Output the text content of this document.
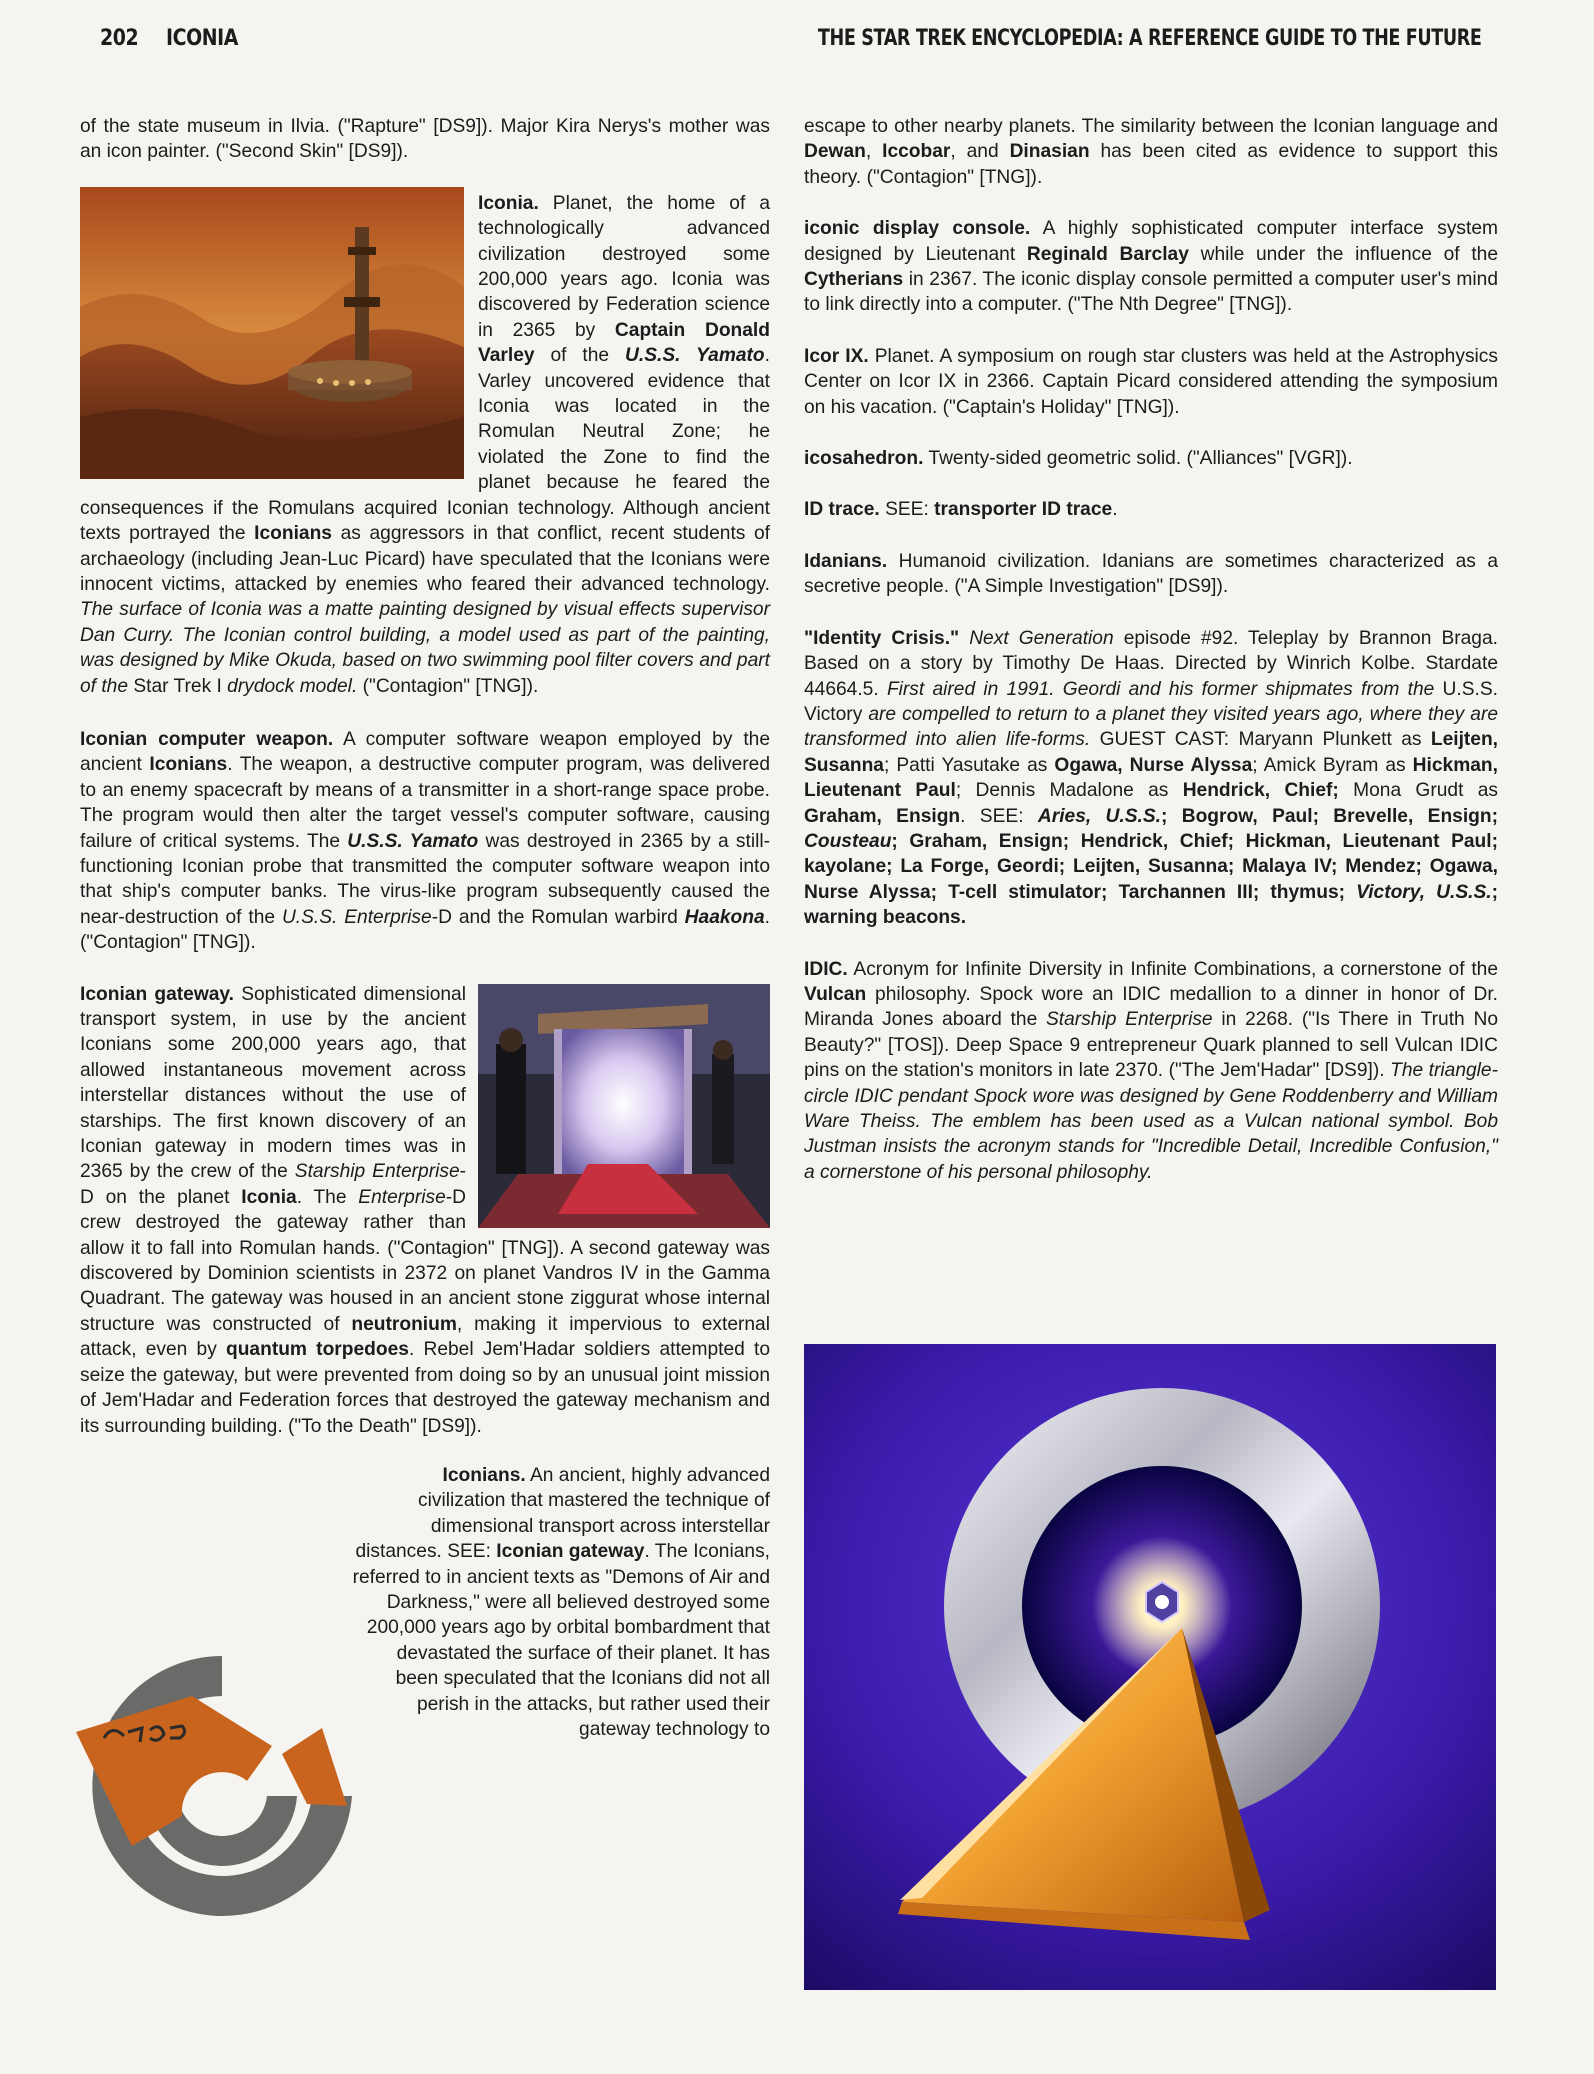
202 ICONIA	THE STAR TREK ENCYCLOPEDIA: A REFERENCE GUIDE TO THE FUTURE

of the state museum in Ilvia. ("Rapture" [DS9]). Major Kira Nerys's mother was an icon painter. ("Second Skin" [DS9]).

Iconia. Planet, the home of a technologically advanced civilization destroyed some 200,000 years ago. Iconia was discovered by Federation science in 2365 by Captain Donald Varley of the U.S.S. Yamato. Varley uncovered evidence that Iconia was located in the Romulan Neutral Zone; he violated the Zone to find the planet because he feared the consequences if the Romulans acquired Iconian technology. Although ancient texts portrayed the Iconians as aggressors in that conflict, recent students of archaeology (including Jean-Luc Picard) have speculated that the Iconians were innocent victims, attacked by enemies who feared their advanced technology. The surface of Iconia was a matte painting designed by visual effects supervisor Dan Curry. The Iconian control building, a model used as part of the painting, was designed by Mike Okuda, based on two swimming pool filter covers and part of the Star Trek I drydock model. ("Contagion" [TNG]).

Iconian computer weapon. A computer software weapon employed by the ancient Iconians. The weapon, a destructive computer program, was delivered to an enemy spacecraft by means of a transmitter in a short-range space probe. The program would then alter the target vessel's computer software, causing failure of critical systems. The U.S.S. Yamato was destroyed in 2365 by a still-functioning Iconian probe that transmitted the computer software weapon into that ship's computer banks. The virus-like program subsequently caused the near-destruction of the U.S.S. Enterprise-D and the Romulan warbird Haakona. ("Contagion" [TNG]).

Iconian gateway. Sophisticated dimensional transport system, in use by the ancient Iconians some 200,000 years ago, that allowed instantaneous movement across interstellar distances without the use of starships. The first known discovery of an Iconian gateway in modern times was in 2365 by the crew of the Starship Enterprise-D on the planet Iconia. The Enterprise-D crew destroyed the gateway rather than allow it to fall into Romulan hands. ("Contagion" [TNG]). A second gateway was discovered by Dominion scientists in 2372 on planet Vandros IV in the Gamma Quadrant. The gateway was housed in an ancient stone ziggurat whose internal structure was constructed of neutronium, making it impervious to external attack, even by quantum torpedoes. Rebel Jem'Hadar soldiers attempted to seize the gateway, but were prevented from doing so by an unusual joint mission of Jem'Hadar and Federation forces that destroyed the gateway mechanism and its surrounding building. ("To the Death" [DS9]).

Iconians. An ancient, highly advanced civilization that mastered the technique of dimensional transport across interstellar distances. SEE: Iconian gateway. The Iconians, referred to in ancient texts as "Demons of Air and Darkness," were all believed destroyed some 200,000 years ago by orbital bombardment that devastated the surface of their planet. It has been speculated that the Iconians did not all perish in the attacks, but rather used their gateway technology to

escape to other nearby planets. The similarity between the Iconian language and Dewan, Iccobar, and Dinasian has been cited as evidence to support this theory. ("Contagion" [TNG]).

iconic display console. A highly sophisticated computer interface system designed by Lieutenant Reginald Barclay while under the influence of the Cytherians in 2367. The iconic display console permitted a computer user's mind to link directly into a computer. ("The Nth Degree" [TNG]).

Icor IX. Planet. A symposium on rough star clusters was held at the Astrophysics Center on Icor IX in 2366. Captain Picard considered attending the symposium on his vacation. ("Captain's Holiday" [TNG]).

icosahedron. Twenty-sided geometric solid. ("Alliances" [VGR]).

ID trace. SEE: transporter ID trace.

Idanians. Humanoid civilization. Idanians are sometimes characterized as a secretive people. ("A Simple Investigation" [DS9]).

"Identity Crisis." Next Generation episode #92. Teleplay by Brannon Braga. Based on a story by Timothy De Haas. Directed by Winrich Kolbe. Stardate 44664.5. First aired in 1991. Geordi and his former shipmates from the U.S.S. Victory are compelled to return to a planet they visited years ago, where they are transformed into alien life-forms. GUEST CAST: Maryann Plunkett as Leijten, Susanna; Patti Yasutake as Ogawa, Nurse Alyssa; Amick Byram as Hickman, Lieutenant Paul; Dennis Madalone as Hendrick, Chief; Mona Grudt as Graham, Ensign. SEE: Aries, U.S.S.; Bogrow, Paul; Brevelle, Ensign; Cousteau; Graham, Ensign; Hendrick, Chief; Hickman, Lieutenant Paul; kayolane; La Forge, Geordi; Leijten, Susanna; Malaya IV; Mendez; Ogawa, Nurse Alyssa; T-cell stimulator; Tarchannen III; thymus; Victory, U.S.S.; warning beacons.

IDIC. Acronym for Infinite Diversity in Infinite Combinations, a cornerstone of the Vulcan philosophy. Spock wore an IDIC medallion to a dinner in honor of Dr. Miranda Jones aboard the Starship Enterprise in 2268. ("Is There in Truth No Beauty?" [TOS]). Deep Space 9 entrepreneur Quark planned to sell Vulcan IDIC pins on the station's monitors in late 2370. ("The Jem'Hadar" [DS9]). The triangle-circle IDIC pendant Spock wore was designed by Gene Roddenberry and William Ware Theiss. The emblem has been used as a Vulcan national symbol. Bob Justman insists the acronym stands for "Incredible Detail, Incredible Confusion," a cornerstone of his personal philosophy.
